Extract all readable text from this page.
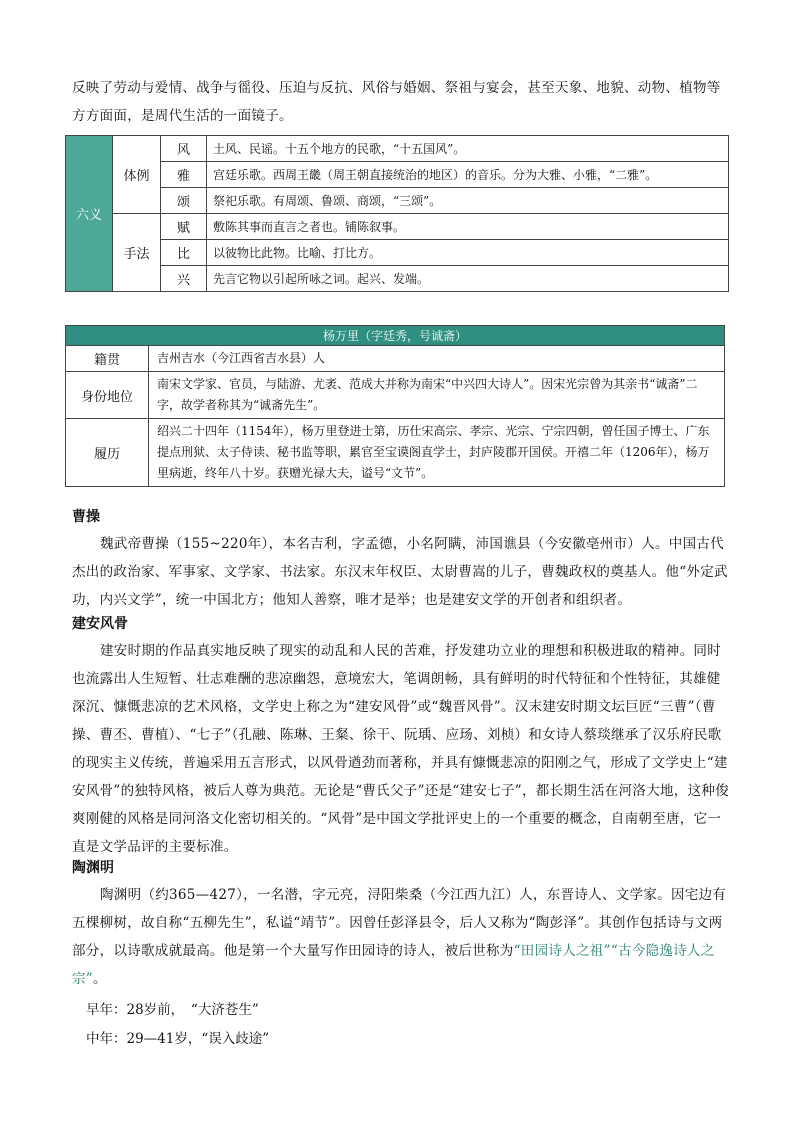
反映了劳动与爱情、战争与徭役、压迫与反抗、风俗与婚姻、祭祖与宴会，甚至天象、地貌、动物、植物等方方面面，是周代生活的一面镜子。

六义	体例	风	土风、民谣。十五个地方的民歌，“十五国风”。
		雅	宫廷乐歌。西周王畿（周王朝直接统治的地区）的音乐。分为大雅、小雅，“二雅”。
		颂	祭祀乐歌。有周颂、鲁颂、商颂，“三颂”。
	手法	赋	敷陈其事而直言之者也。铺陈叙事。
		比	以彼物比此物。比喻、打比方。
		兴	先言它物以引起所咏之词。起兴、发端。
杨万里（字廷秀，号诚斋）	
籍贯	吉州吉水（今江西省吉水县）人
身份地位	南宋文学家、官员，与陆游、尤袤、范成大并称为南宋“中兴四大诗人”。因宋光宗曾为其亲书“诚斋”二字，故学者称其为“诚斋先生”。
履历	绍兴二十四年（1154年），杨万里登进士第，历仕宋高宗、孝宗、光宗、宁宗四朝，曾任国子博士、广东提点刑狱、太子侍读、秘书监等职，累官至宝谟阁直学士，封庐陵郡开国侯。开禧二年（1206年），杨万里病逝，终年八十岁。获赠光禄大夫，谥号“文节”。
曹操

魏武帝曹操（155~220年），本名吉利，字孟德，小名阿瞒，沛国谯县（今安徽亳州市）人。中国古代杰出的政治家、军事家、文学家、书法家。东汉末年权臣、太尉曹嵩的儿子，曹魏政权的奠基人。他“外定武功，内兴文学”，统一中国北方；他知人善察，唯才是举；也是建安文学的开创者和组织者。

建安风骨

建安时期的作品真实地反映了现实的动乱和人民的苦难，抒发建功立业的理想和积极进取的精神。同时也流露出人生短暂、壮志难酬的悲凉幽怨，意境宏大，笔调朗畅，具有鲜明的时代特征和个性特征，其雄健深沉、慷慨悲凉的艺术风格，文学史上称之为“建安风骨”或“魏晋风骨”。汉末建安时期文坛巨匠“三曹”（曹操、曹丕、曹植）、“七子”（孔融、陈琳、王粲、徐干、阮瑀、应玚、刘桢）和女诗人蔡琰继承了汉乐府民歌的现实主义传统，普遍采用五言形式，以风骨遒劲而著称，并具有慷慨悲凉的阳刚之气，形成了文学史上“建安风骨”的独特风格，被后人尊为典范。无论是“曹氏父子”还是“建安七子”，都长期生活在河洛大地，这种俊爽刚健的风格是同河洛文化密切相关的。“风骨”是中国文学批评史上的一个重要的概念，自南朝至唐，它一直是文学品评的主要标准。

陶渊明

陶渊明（约365—427），一名潜，字元亮，浔阳柴桑（今江西九江）人，东晋诗人、文学家。因宅边有五棵柳树，故自称“五柳先生”，私谥“靖节”。因曾任彭泽县令，后人又称为“陶彭泽”。其创作包括诗与文两部分，以诗歌成就最高。他是第一个大量写作田园诗的诗人，被后世称为“田园诗人之祖”“古今隐逸诗人之宗”。

早年：28岁前，　“大济苍生”
中年：29—41岁，“误入歧途”
